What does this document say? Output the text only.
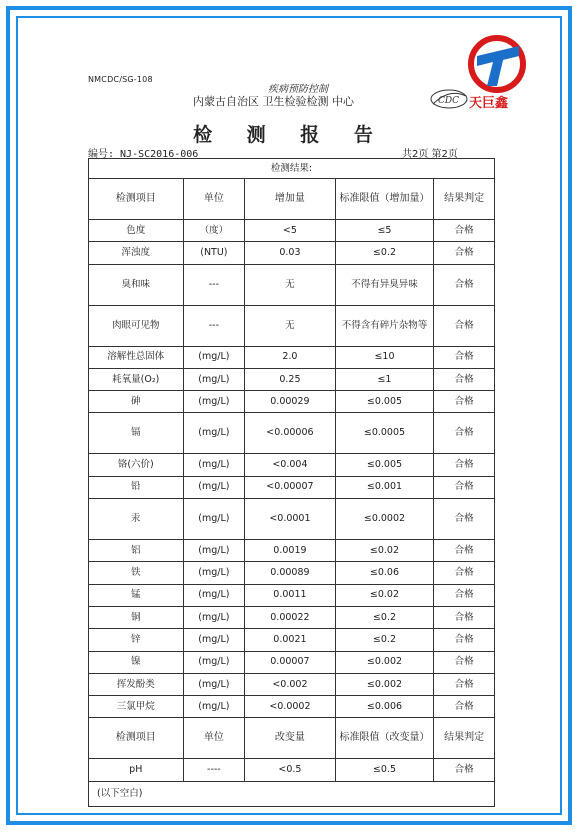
天巨鑫
CDC
NMCDC/SG-108
疾病预防控制
内蒙古自治区 卫生检验检测 中心
检 测 报 告
编号: NJ-SC2016-006	共2页 第2页
检测结果:				
检测项目	单位	增加量	标准限值（增加量）	结果判定
色度	（度）	<5	≤5	合格
浑浊度	(NTU)	0.03	≤0.2	合格
臭和味	---	无	不得有异臭异味	合格
肉眼可见物	---	无	不得含有碎片杂物等	合格
溶解性总固体	(mg/L)	2.0	≤10	合格
耗氧量(O₂)	(mg/L)	0.25	≤1	合格
砷	(mg/L)	0.00029	≤0.005	合格
镉	(mg/L)	<0.00006	≤0.0005	合格
铬(六价)	(mg/L)	<0.004	≤0.005	合格
铅	(mg/L)	<0.00007	≤0.001	合格
汞	(mg/L)	<0.0001	≤0.0002	合格
铝	(mg/L)	0.0019	≤0.02	合格
铁	(mg/L)	0.00089	≤0.06	合格
锰	(mg/L)	0.0011	≤0.02	合格
铜	(mg/L)	0.00022	≤0.2	合格
锌	(mg/L)	0.0021	≤0.2	合格
镍	(mg/L)	0.00007	≤0.002	合格
挥发酚类	(mg/L)	<0.002	≤0.002	合格
三氯甲烷	(mg/L)	<0.0002	≤0.006	合格
检测项目	单位	改变量	标准限值（改变量）	结果判定
pH	----	<0.5	≤0.5	合格
(以下空白)				
